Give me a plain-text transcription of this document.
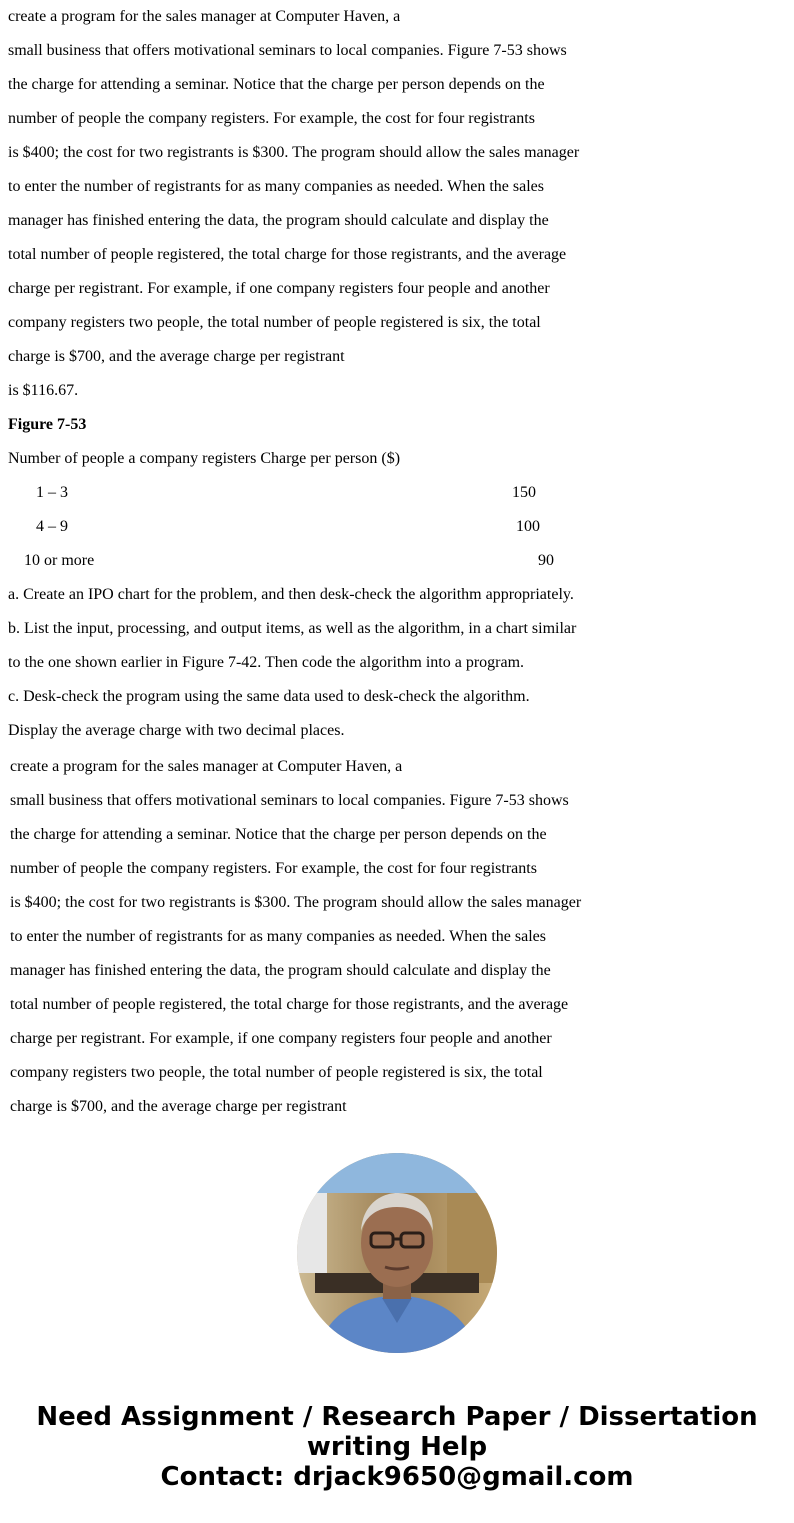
create a program for the sales manager at Computer Haven, a

small business that offers motivational seminars to local companies. Figure 7-53 shows

the charge for attending a seminar. Notice that the charge per person depends on the

number of people the company registers. For example, the cost for four registrants

is $400; the cost for two registrants is $300. The program should allow the sales manager

to enter the number of registrants for as many companies as needed. When the sales

manager has finished entering the data, the program should calculate and display the

total number of people registered, the total charge for those registrants, and the average

charge per registrant. For example, if one company registers four people and another

company registers two people, the total number of people registered is six, the total

charge is $700, and the average charge per registrant

is $116.67.

Figure 7-53

Number of people a company registers Charge per person ($)

1 – 3	150
4 – 9	100
10 or more	90

a. Create an IPO chart for the problem, and then desk-check the algorithm appropriately.

b. List the input, processing, and output items, as well as the algorithm, in a chart similar

to the one shown earlier in Figure 7-42. Then code the algorithm into a program.

c. Desk-check the program using the same data used to desk-check the algorithm.

Display the average charge with two decimal places.

create a program for the sales manager at Computer Haven, a

small business that offers motivational seminars to local companies. Figure 7-53 shows

the charge for attending a seminar. Notice that the charge per person depends on the

number of people the company registers. For example, the cost for four registrants

is $400; the cost for two registrants is $300. The program should allow the sales manager

to enter the number of registrants for as many companies as needed. When the sales

manager has finished entering the data, the program should calculate and display the

total number of people registered, the total charge for those registrants, and the average

charge per registrant. For example, if one company registers four people and another

company registers two people, the total number of people registered is six, the total

charge is $700, and the average charge per registrant

Need Assignment / Research Paper / Dissertation
writing Help
Contact: drjack9650@gmail.com
